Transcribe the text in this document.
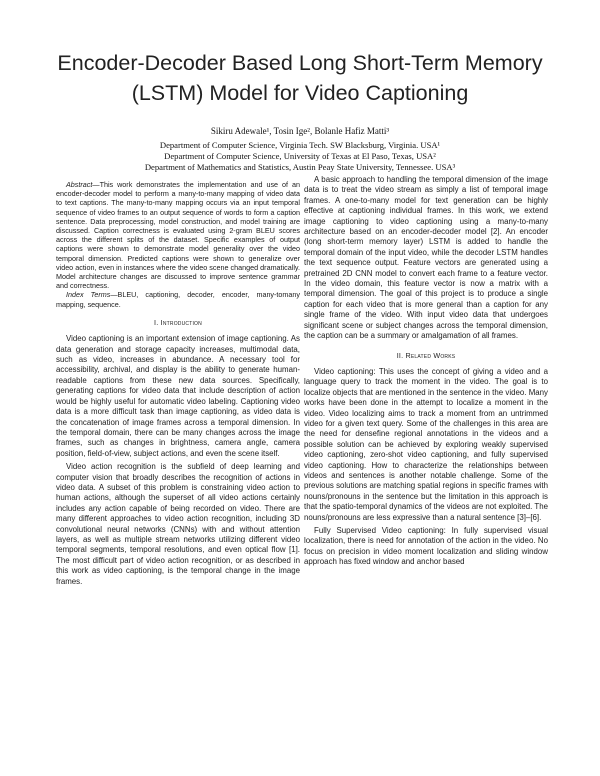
Encoder-Decoder Based Long Short-Term Memory
(LSTM) Model for Video Captioning
Sikiru Adewale¹, Tosin Ige², Bolanle Hafiz Matti³
Department of Computer Science, Virginia Tech. SW Blacksburg, Virginia. USA¹
Department of Computer Science, University of Texas at El Paso, Texas, USA²
Department of Mathematics and Statistics, Austin Peay State University, Tennessee. USA³

Abstract—This work demonstrates the implementation and use of an encoder-decoder model to perform a many-to-many mapping of video data to text captions. The many-to-many mapping occurs via an input temporal sequence of video frames to an output sequence of words to form a caption sentence. Data preprocessing, model construction, and model training are discussed. Caption correctness is evaluated using 2-gram BLEU scores across the different splits of the dataset. Specific examples of output captions were shown to demonstrate model generality over the video temporal dimension. Predicted captions were shown to generalize over video action, even in instances where the video scene changed dramatically. Model architecture changes are discussed to improve sentence grammar and correctness.

Index Terms—BLEU, captioning, decoder, encoder, many-tomany mapping, sequence.

I. Introduction

Video captioning is an important extension of image captioning. As data generation and storage capacity increases, multimodal data, such as video, increases in abundance. A necessary tool for accessibility, archival, and display is the ability to generate human-readable captions from these new data sources. Specifically, generating captions for video data that include description of action would be highly useful for automatic video labeling. Captioning video data is a more difficult task than image captioning, as video data is the concatenation of image frames across a temporal dimension. In the temporal domain, there can be many changes across the image frames, such as changes in brightness, camera angle, camera position, field-of-view, subject actions, and even the scene itself.

Video action recognition is the subfield of deep learning and computer vision that broadly describes the recognition of actions in video data. A subset of this problem is constraining video action to human actions, although the superset of all video actions certainly includes any action capable of being recorded on video. There are many different approaches to video action recognition, including 3D convolutional neural networks (CNNs) with and without attention layers, as well as multiple stream networks utilizing different video temporal segments, temporal resolutions, and even optical flow [1]. The most difficult part of video action recognition, or as described in this work as video captioning, is the temporal change in the image frames.

A basic approach to handling the temporal dimension of the image data is to treat the video stream as simply a list of temporal image frames. A one-to-many model for text generation can be highly effective at captioning individual frames. In this work, we extend image captioning to video captioning using a many-to-many architecture based on an encoder-decoder model [2]. An encoder (long short-term memory layer) LSTM is added to handle the temporal domain of the input video, while the decoder LSTM handles the text sequence output. Feature vectors are generated using a pretrained 2D CNN model to convert each frame to a feature vector. In the video domain, this feature vector is now a matrix with a temporal dimension. The goal of this project is to produce a single caption for each video that is more general than a caption for any single frame of the video. With input video data that undergoes significant scene or subject changes across the temporal dimension, the caption can be a summary or amalgamation of all frames.

II. Related Works

Video captioning: This uses the concept of giving a video and a language query to track the moment in the video. The goal is to localize objects that are mentioned in the sentence in the video. Many works have been done in the attempt to localize a moment in the video. Video localizing aims to track a moment from an untrimmed video for a given text query. Some of the challenges in this area are the need for densefine regional annotations in the videos and a possible solution can be achieved by exploring weakly supervised video captioning, zero-shot video captioning, and fully supervised video captioning. How to characterize the relationships between videos and sentences is another notable challenge. Some of the previous solutions are matching spatial regions in specific frames with nouns/pronouns in the sentence but the limitation in this approach is that the spatio-temporal dynamics of the videos are not exploited. The nouns/pronouns are less expressive than a natural sentence [3]–[6].

Fully Supervised Video captioning: In fully supervised visual localization, there is need for annotation of the action in the video. No focus on precision in video moment localization and sliding window approach has fixed window and anchor based
